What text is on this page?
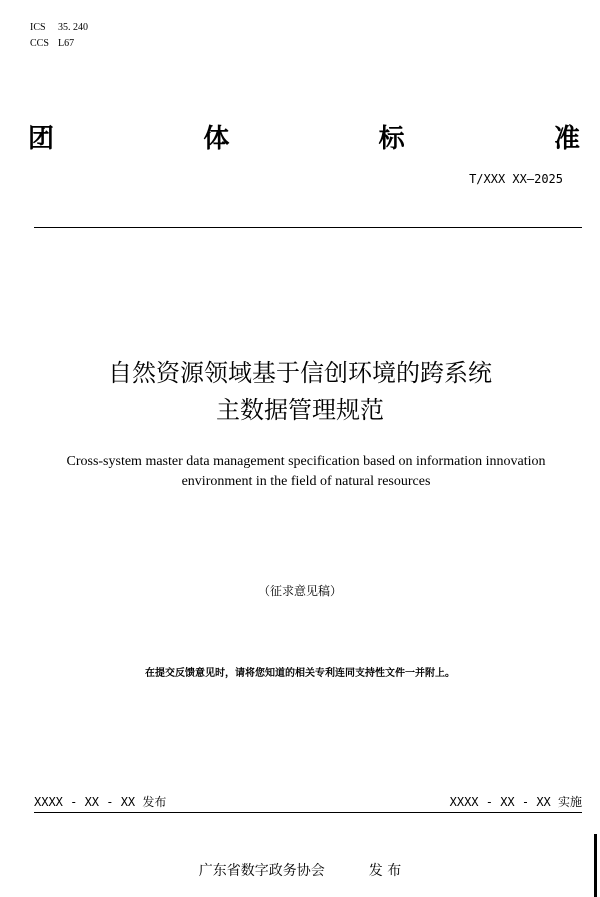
ICS 35. 240
CCS L67
团	体	标	准
T/XXX XX—2025
自然资源领域基于信创环境的跨系统
主数据管理规范
Cross-system master data management specification based on information innovation
environment in the field of natural resources
（征求意见稿）
在提交反馈意见时，请将您知道的相关专利连同支持性文件一并附上。
XXXX - XX - XX 发布	XXXX - XX - XX 实施
广东省数字政务协会	发 布
